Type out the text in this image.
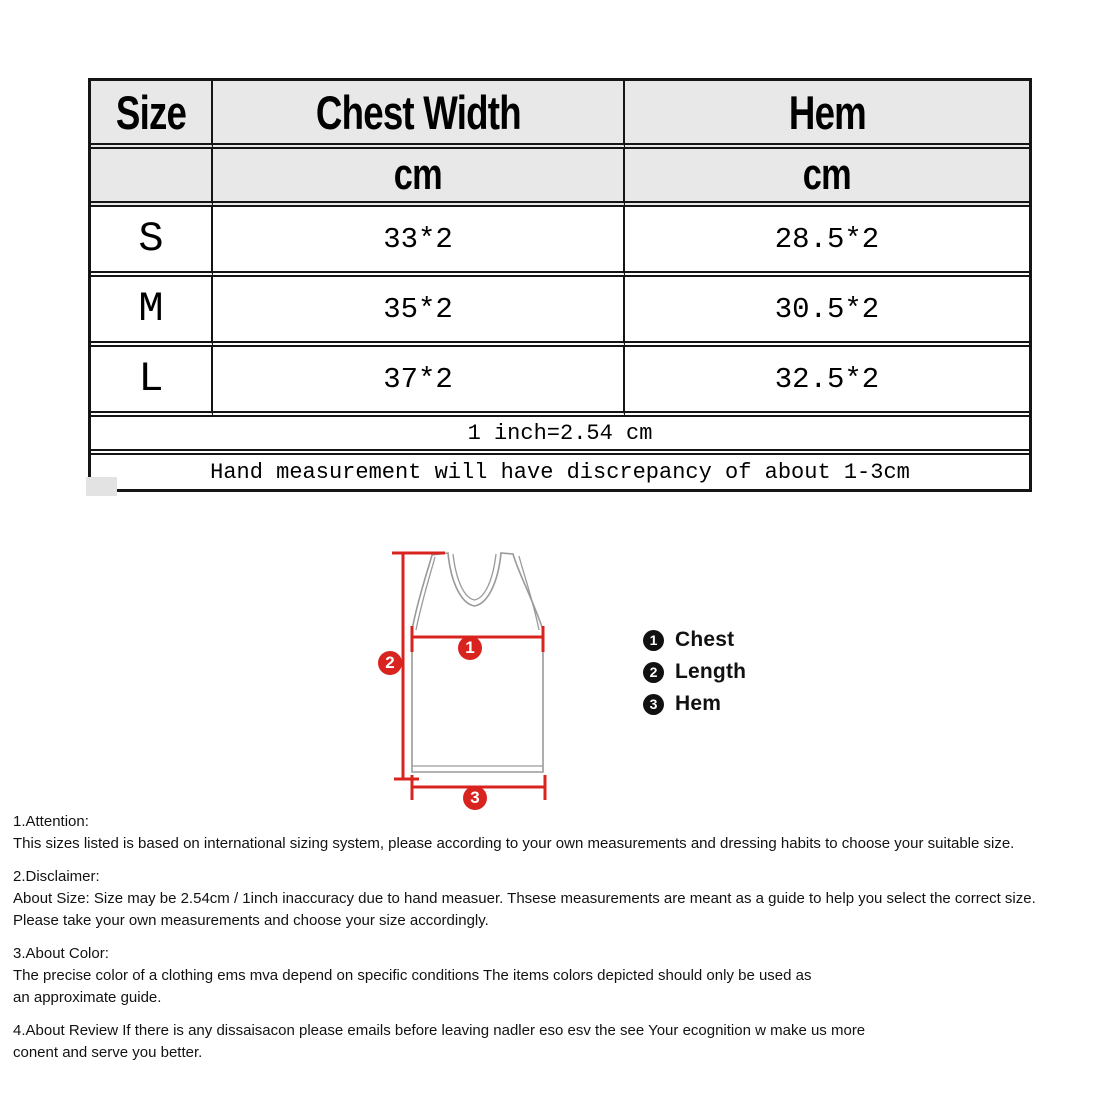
Size	Chest Width	Hem
	cm	cm
S	33*2	28.5*2
M	35*2	30.5*2
L	37*2	32.5*2
1 inch=2.54 cm		
Hand measurement will have discrepancy of about 1-3cm		
1
2
3
1 Chest
2 Length
3 Hem

1.Attention:

This sizes listed is based on international sizing system, please according to your own measurements and dressing habits to choose your suitable size.

2.Disclaimer:

About Size: Size may be 2.54cm / 1inch inaccuracy due to hand measuer. Thsese measurements are meant as a guide to help you select the correct size.

Please take your own measurements and choose your size accordingly.

3.About Color:

The precise color of a clothing ems mva depend on specific conditions The items colors depicted should only be used as

an approximate guide.

4.About Review If there is any dissaisacon please emails before leaving nadler eso esv the see Your ecognition w make us more

conent and serve you better.
